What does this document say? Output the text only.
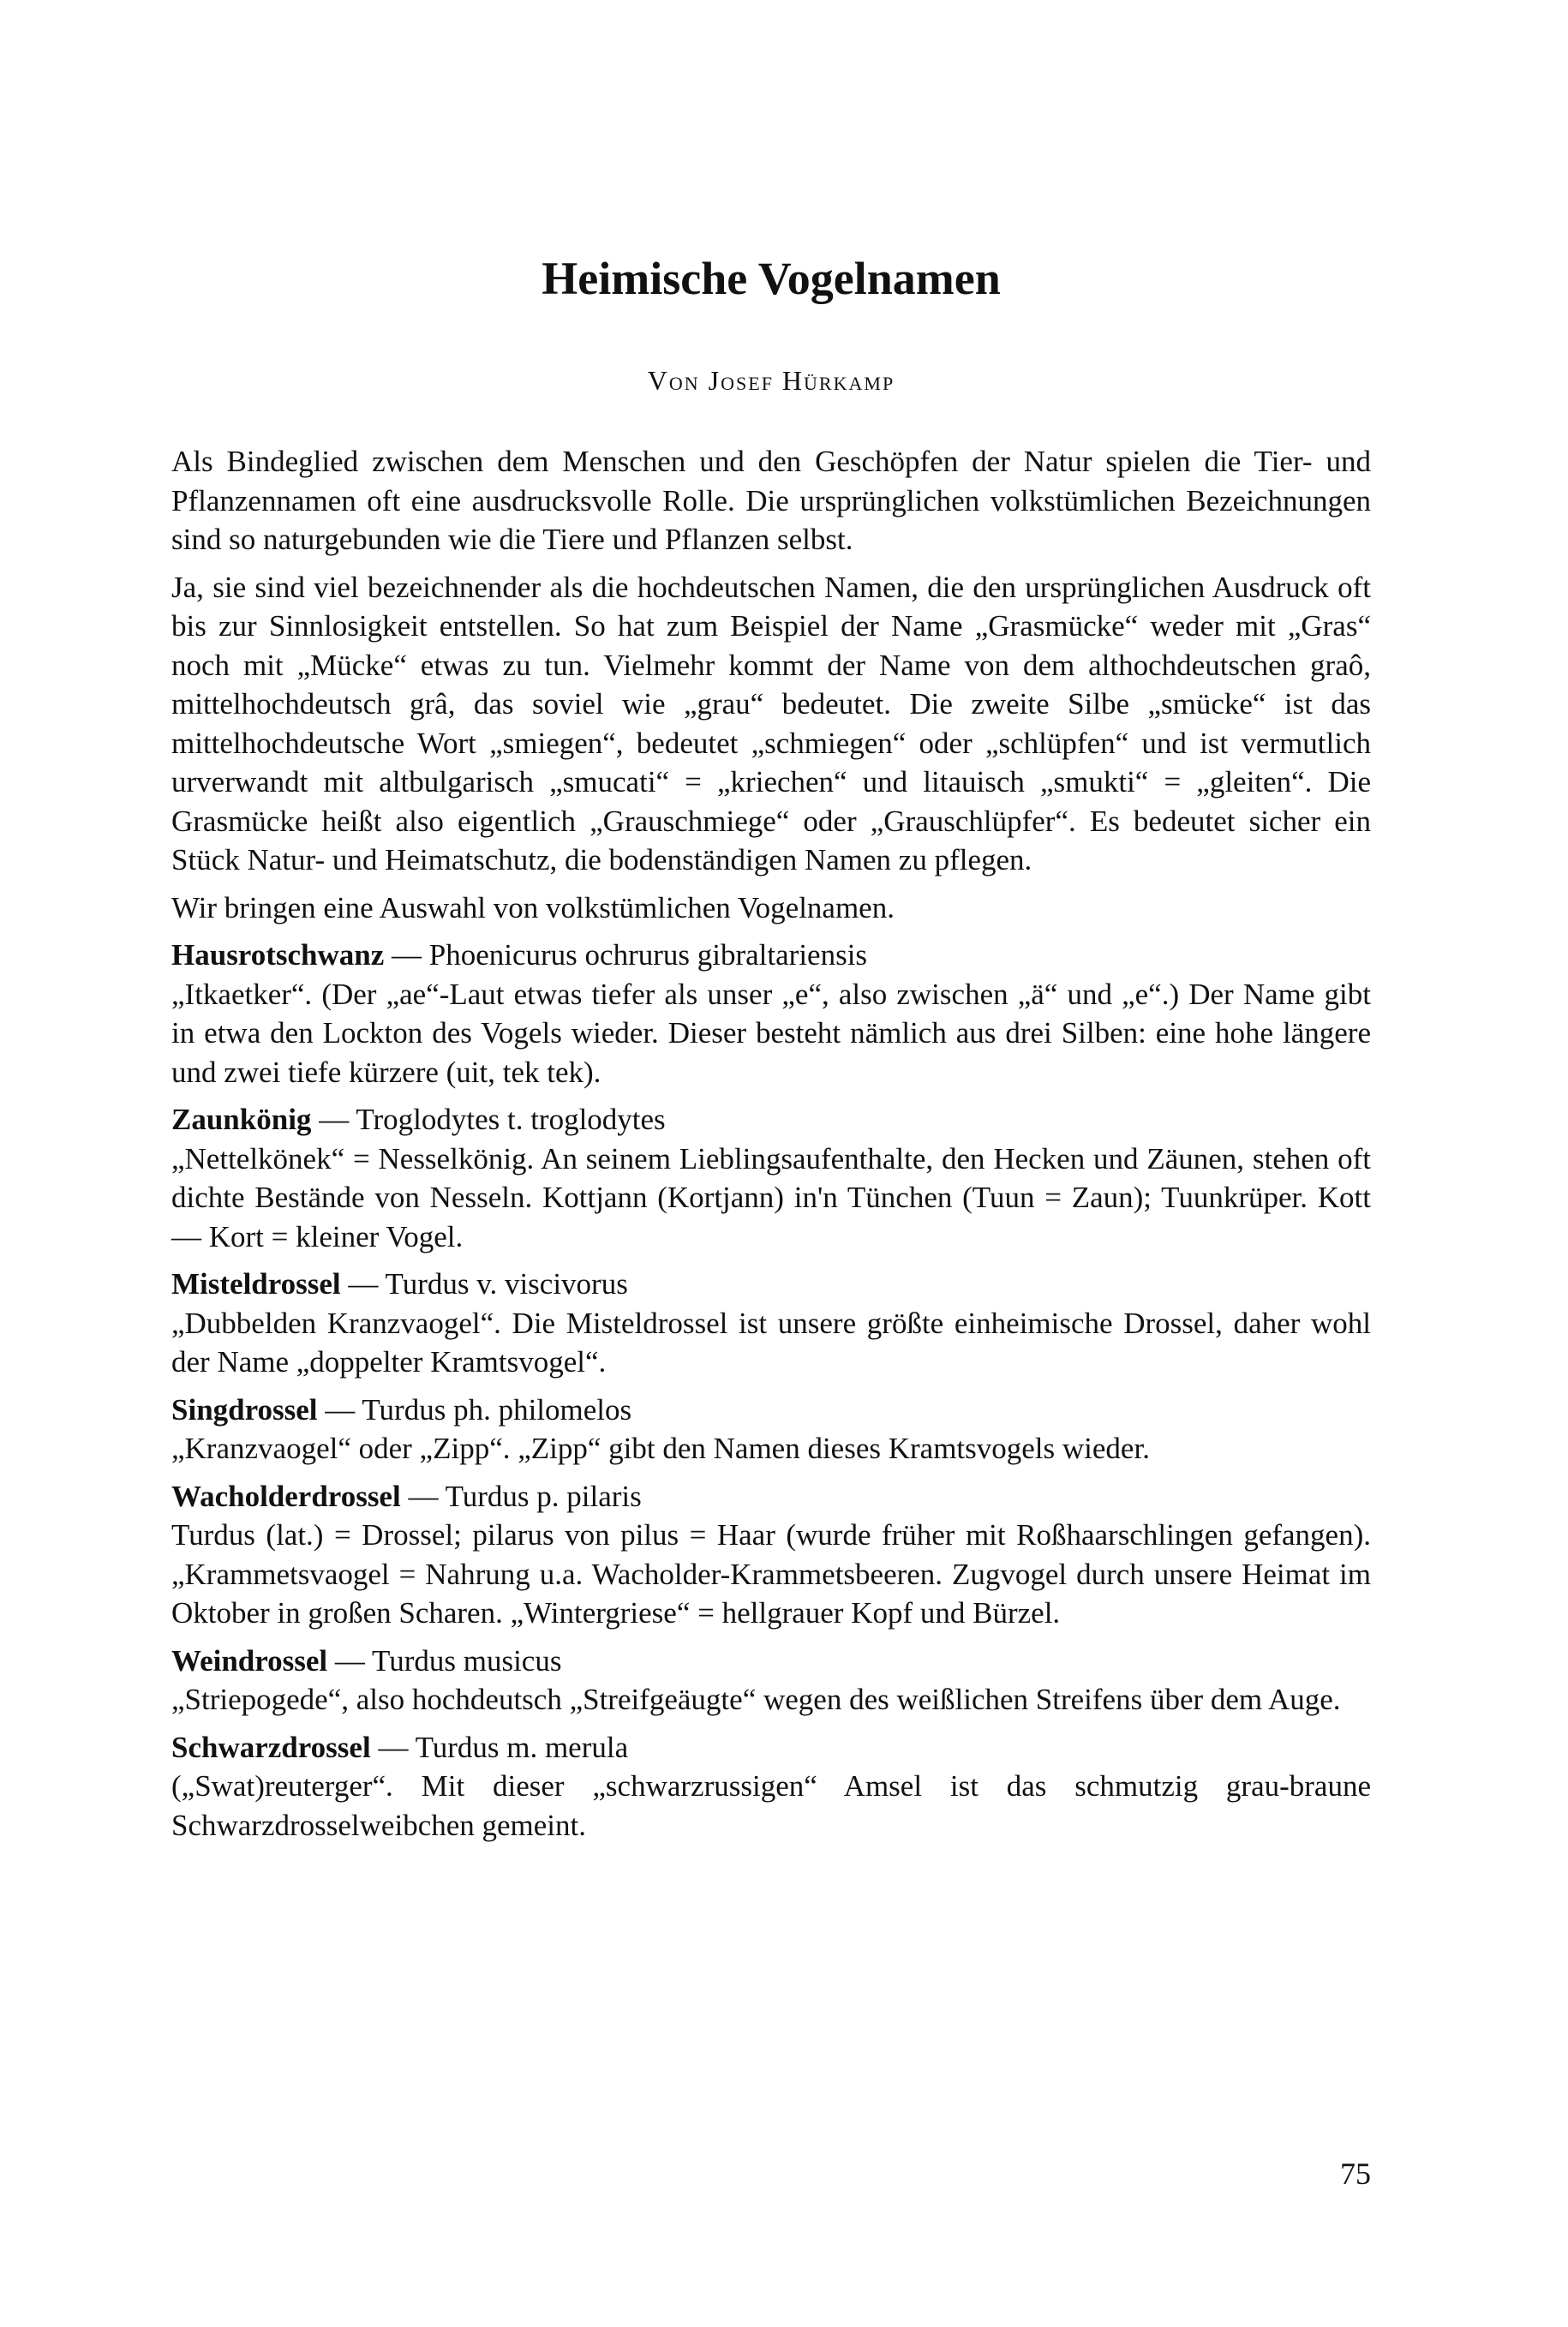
Heimische Vogelnamen
Von Josef Hürkamp

Als Bindeglied zwischen dem Menschen und den Geschöpfen der Natur spielen die Tier- und Pflanzennamen oft eine ausdrucksvolle Rolle. Die ursprünglichen volkstümlichen Bezeichnungen sind so naturgebunden wie die Tiere und Pflanzen selbst.

Ja, sie sind viel bezeichnender als die hochdeutschen Namen, die den ursprünglichen Ausdruck oft bis zur Sinnlosigkeit entstellen. So hat zum Beispiel der Name „Grasmücke“ weder mit „Gras“ noch mit „Mücke“ etwas zu tun. Vielmehr kommt der Name von dem althochdeutschen graô, mittelhochdeutsch grâ, das soviel wie „grau“ bedeutet. Die zweite Silbe „smücke“ ist das mittelhochdeutsche Wort „smiegen“, bedeutet „schmiegen“ oder „schlüpfen“ und ist vermutlich urverwandt mit altbulgarisch „smucati“ = „kriechen“ und litauisch „smukti“ = „gleiten“. Die Grasmücke heißt also eigentlich „Grauschmiege“ oder „Grauschlüpfer“. Es bedeutet sicher ein Stück Natur- und Heimatschutz, die bodenständigen Namen zu pflegen.

Wir bringen eine Auswahl von volkstümlichen Vogelnamen.

Hausrotschwanz — Phoenicurus ochrurus gibraltariensis
„Itkaetker“. (Der „ae“-Laut etwas tiefer als unser „e“, also zwischen „ä“ und „e“.) Der Name gibt in etwa den Lockton des Vogels wieder. Dieser besteht nämlich aus drei Silben: eine hohe längere und zwei tiefe kürzere (uit, tek tek).
Zaunkönig — Troglodytes t. troglodytes
„Nettelkönek“ = Nesselkönig. An seinem Lieblingsaufenthalte, den Hecken und Zäunen, stehen oft dichte Bestände von Nesseln. Kottjann (Kortjann) in'n Tünchen (Tuun = Zaun); Tuunkrüper. Kott — Kort = kleiner Vogel.
Misteldrossel — Turdus v. viscivorus
„Dubbelden Kranzvaogel“. Die Misteldrossel ist unsere größte einheimische Drossel, daher wohl der Name „doppelter Kramtsvogel“.
Singdrossel — Turdus ph. philomelos
„Kranzvaogel“ oder „Zipp“. „Zipp“ gibt den Namen dieses Kramtsvogels wieder.
Wacholderdrossel — Turdus p. pilaris
Turdus (lat.) = Drossel; pilarus von pilus = Haar (wurde früher mit Roßhaarschlingen gefangen). „Krammetsvaogel = Nahrung u.a. Wacholder-Krammetsbeeren. Zugvogel durch unsere Heimat im Oktober in großen Scharen. „Wintergriese“ = hellgrauer Kopf und Bürzel.
Weindrossel — Turdus musicus
„Striepogede“, also hochdeutsch „Streifgeäugte“ wegen des weißlichen Streifens über dem Auge.
Schwarzdrossel — Turdus m. merula
(„Swat)reuterger“. Mit dieser „schwarzrussigen“ Amsel ist das schmutzig grau-braune Schwarzdrosselweibchen gemeint.
75
